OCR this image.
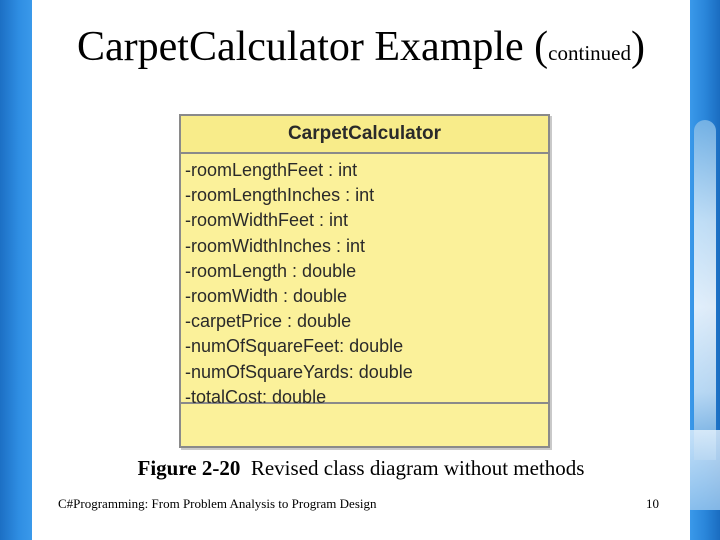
CarpetCalculator Example (continued)
CarpetCalculator
-roomLengthFeet : int
-roomLengthInches : int
-roomWidthFeet : int
-roomWidthInches : int
-roomLength : double
-roomWidth : double
-carpetPrice : double
-numOfSquareFeet: double
-numOfSquareYards: double
-totalCost: double
Figure 2-20 Revised class diagram without methods
C#Programming: From Problem Analysis to Program Design	10
